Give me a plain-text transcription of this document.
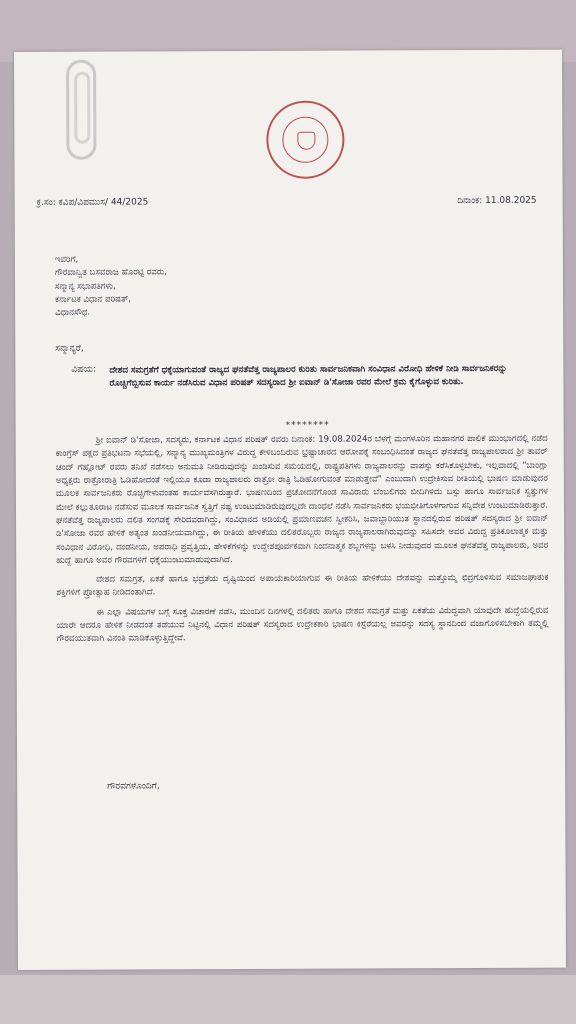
ಕ್ರ.ಸಂ: ಕವಿಪ/ವಿಪಮುಸ/ 44/2025	ದಿನಾಂಕ: 11.08.2025
ಇವರಿಗೆ,
ಗೌರವಾನ್ವಿತ ಬಸವರಾಜ ಹೊರಟ್ಟಿ ರವರು,
ಸನ್ಮಾನ್ಯ ಸಭಾಪತಿಗಳು,
ಕರ್ನಾಟಕ ವಿಧಾನ ಪರಿಷತ್,
ವಿಧಾನಸೌಧ.
ಸನ್ಮಾನ್ಯರೆ,
ವಿಷಯ: ದೇಶದ ಸಮಗ್ರತೆಗೆ ಧಕ್ಕೆಯಾಗುವಂತೆ ರಾಜ್ಯದ ಘನತೆವೆತ್ತ ರಾಜ್ಯಪಾಲರ ಕುರಿತು ಸಾರ್ವಜನಿಕವಾಗಿ ಸಂವಿಧಾನ ವಿರೋಧಿ ಹೇಳಿಕೆ ನೀಡಿ ಸಾರ್ವಜನಿಕರನ್ನು ರೊಚ್ಚಿಗೆಬ್ಬಿಸುವ ಕಾರ್ಯ ನಡೆಸಿರುವ ವಿಧಾನ ಪರಿಷತ್ ಸದಸ್ಯರಾದ ಶ್ರೀ ಐವಾನ್ ಡಿ'ಸೋಜಾ ರವರ ಮೇಲೆ ಕ್ರಮ ಕೈಗೊಳ್ಳುವ ಕುರಿತು.
********

ಶ್ರೀ ಐವಾನ್ ಡಿ'ಸೋಜಾ, ಸದಸ್ಯರು, ಕರ್ನಾಟಕ ವಿಧಾನ ಪರಿಷತ್ ರವರು ದಿನಾಂಕ: 19.08.2024ರ ಬೆಳಗ್ಗೆ ಮಂಗಳೂರಿನ ಮಹಾನಗರ ಪಾಲಿಕೆ ಮುಂಭಾಗದಲ್ಲಿ ನಡೆದ ಕಾಂಗ್ರೆಸ್ ಪಕ್ಷದ ಪ್ರತಿಭಟನಾ ಸಭೆಯಲ್ಲಿ, ಸನ್ಮಾನ್ಯ ಮುಖ್ಯಮಂತ್ರಿಗಳ ವಿರುದ್ಧ ಕೇಳಿಬಂದಿರುವ ಭ್ರಷ್ಟಾಚಾರದ ಆರೋಪಕ್ಕೆ ಸಂಬಂಧಿಸಿದಂತೆ ರಾಜ್ಯದ ಘನತೆವೆತ್ತ ರಾಜ್ಯಪಾಲರಾದ ಶ್ರೀ ತಾವರ್ ಚಂದ್ ಗೆಹ್ಲೋಟ್ ರವರು ತನಿಖೆ ನಡೆಸಲು ಅನುಮತಿ ನೀಡಿರುವುದನ್ನು ಖಂಡಿಸುವ ಸಮಯದಲ್ಲಿ, ರಾಷ್ಟ್ರಪತಿಗಳು ರಾಜ್ಯಪಾಲರನ್ನು ವಾಪಸ್ಸು ಕರೆಸಿಕೊಳ್ಳಬೇಕು, ಇಲ್ಲವಾದಲ್ಲಿ "ಬಾಂಗ್ಲಾ ಅಧ್ಯಕ್ಷರು ರಾತ್ರೋರಾತ್ರಿ ಓಡಿಹೋದಂತೆ ಇಲ್ಲಿಯೂ ಕೂಡಾ ರಾಜ್ಯಪಾಲರು ರಾತ್ರೋ ರಾತ್ರಿ ಓಡಿಹೋಗುವಂತೆ ಮಾಡುತ್ತೇವೆ" ಎಂಬುದಾಗಿ ಉದ್ರೇಕಿಸುವ ರೀತಿಯಲ್ಲಿ ಭಾಷಣ ಮಾಡುವುದರ ಮೂಲಕ ಸಾರ್ವಜನಿಕರು ರೊಚ್ಚಿಗೇಳುವಂತಹ ಕಾರ್ಯವೆಸಗಿರುತ್ತಾರೆ. ಭಾಷಣದಿಂದ ಪ್ರಚೋದನೆಗೊಂಡ ಸಾವಿರಾರು ಬೆಂಬಲಿಗರು ಬೀದಿಗಿಳಿದು ಬಸ್ಸು ಹಾಗೂ ಸಾರ್ವಜನಿಕ ಸ್ವತ್ತುಗಳ ಮೇಲೆ ಕಲ್ಲುತೂರಾಟ ನಡೆಸುವ ಮೂಲಕ ಸಾರ್ವಜನಿಕ ಸ್ವತ್ತಿಗೆ ನಷ್ಟ ಉಂಟುಮಾಡಿರುವುದಲ್ಲದೇ ದಾಂಧಲೆ ನಡೆಸಿ ಸಾರ್ವಜನಿಕರು ಭಯಭೀತಿಗೊಳಗಾಗುವ ಸನ್ನಿವೇಶ ಉಂಟುಮಾಡಿರುತ್ತಾರೆ. ಘನತೆವೆತ್ತ ರಾಜ್ಯಪಾಲರು ದಲಿತ ಸಂಗಡಕ್ಕೆ ಸೇರಿದವರಾಗಿದ್ದು, ಸಂವಿಧಾನದ ಅಡಿಯಲ್ಲಿ ಪ್ರಮಾಣವಚನ ಸ್ವೀಕರಿಸಿ, ಜವಾಬ್ದಾರಿಯುತ ಸ್ಥಾನದಲ್ಲಿರುವ ಪರಿಷತ್ ಸದಸ್ಯರಾದ ಶ್ರೀ ಐವಾನ್ ಡಿ'ಸೋಜಾ ರವರ ಹೇಳಿಕೆ ಅತ್ಯಂತ ಖಂಡನೀಯವಾಗಿದ್ದು, ಈ ರೀತಿಯ ಹೇಳಿಕೆಯು ದಲಿತರೊಬ್ಬರು ರಾಜ್ಯದ ರಾಜ್ಯಪಾಲರಾಗಿರುವುದನ್ನು ಸಹಿಸದೇ ಅವರ ವಿರುದ್ಧ ಪ್ರತಿಕೂಲಾತ್ಮಕ ಮತ್ತು ಸಂವಿಧಾನ ವಿರೋಧಿ, ದಂಡನೀಯ, ಅಪರಾಧಿ ಪ್ರವೃತ್ತಿಯ, ಹೇಳಿಕೆಗಳನ್ನು ಉದ್ದೇಶಪೂರ್ವಕವಾಗಿ ನಿಂದನಾತ್ಮಕ ಶಬ್ದಗಳನ್ನು ಬಳಸಿ ನೀಡುವುದರ ಮೂಲಕ ಘನತೆವೆತ್ತ ರಾಜ್ಯಪಾಲರು, ಅವರ ಹುದ್ದೆ ಹಾಗೂ ಅವರ ಗೌರವಗಳಿಗೆ ಧಕ್ಕೆಯುಂಟುಮಾಡುವುದಾಗಿದೆ.

ದೇಶದ ಸಮಗ್ರತೆ, ಏಕತೆ ಹಾಗೂ ಭದ್ರತೆಯ ದೃಷ್ಟಿಯಿಂದ ಅಪಾಯಕಾರಿಯಾಗುವ ಈ ರೀತಿಯ ಹೇಳಿಕೆಯು ದೇಶವನ್ನು ಮತ್ತೊಮ್ಮೆ ಛಿದ್ರಗೊಳಿಸುವ ಸಮಾಜಘಾತುಕ ಶಕ್ತಿಗಳಿಗೆ ಪ್ರೋತ್ಸಾಹ ನೀಡಿದಂತಾಗಿದೆ.

ಈ ಎಲ್ಲಾ ವಿಷಯಗಳ ಬಗ್ಗೆ ಸೂಕ್ತ ವಿಚಾರಣೆ ನಡೆಸಿ, ಮುಂದಿನ ದಿನಗಳಲ್ಲಿ ದಲಿತರು ಹಾಗೂ ದೇಶದ ಸಮಗ್ರತೆ ಮತ್ತು ಏಕತೆಯ ವಿರುದ್ಧವಾಗಿ ಯಾವುದೇ ಹುದ್ದೆಯಲ್ಲಿರುವ ಯಾರೇ ಆದರೂ ಹೇಳಿಕೆ ನೀಡದಂತೆ ತಡೆಯುವ ನಿಟ್ಟಿನಲ್ಲಿ ವಿಧಾನ ಪರಿಷತ್ ಸದಸ್ಯರಾದ ಉದ್ರೇಕಕಾರಿ ಭಾಷಣ ಕಿಸ್ಟೆರೆಯಲ್ಲ ಅವರನ್ನು ಸದಸ್ಯ ಸ್ಥಾನದಿಂದ ವಜಾಗೊಳಿಸಬೇಕಾಗಿ ತಮ್ಮಲ್ಲಿ ಗೌರವಯುತವಾಗಿ ವಿನಂತಿ ಮಾಡಿಕೊಳ್ಳುತ್ತಿದ್ದೇವೆ.

ಗೌರವಗಳೊಂದಿಗೆ,
